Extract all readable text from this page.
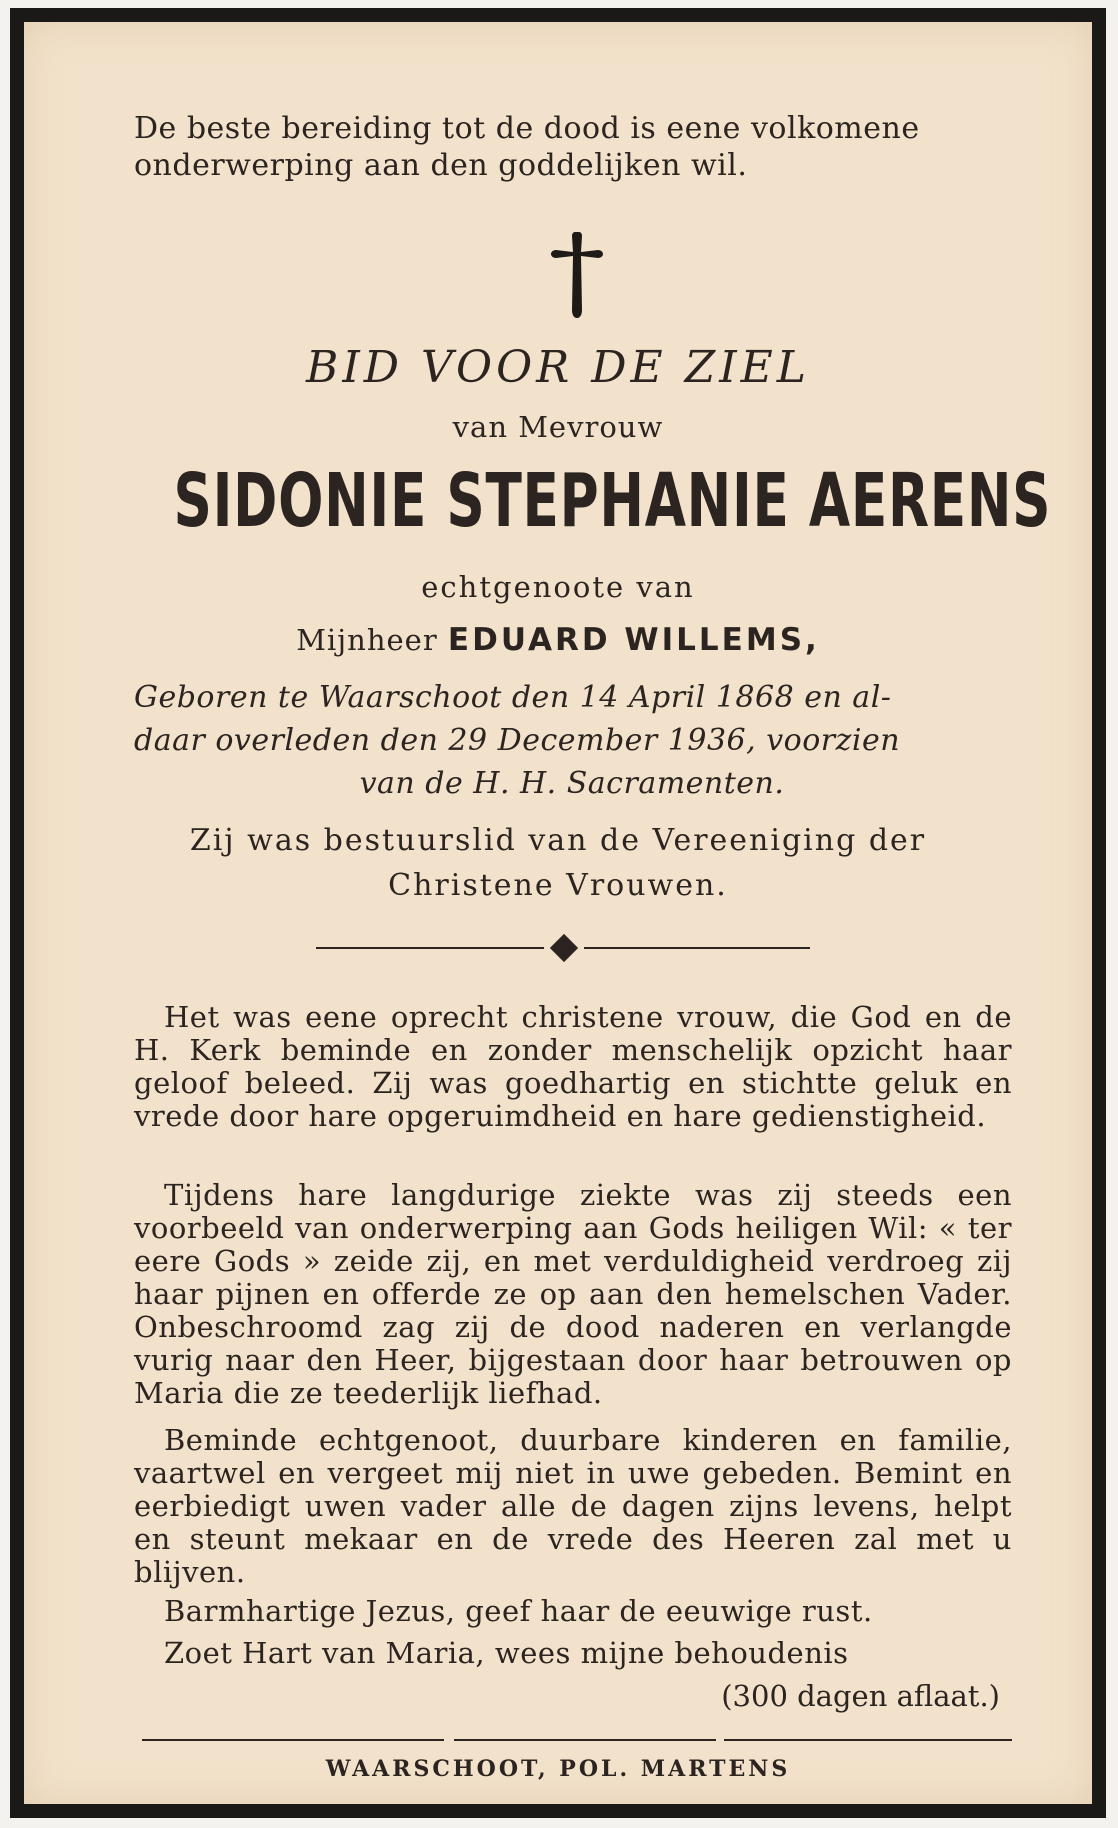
De beste bereiding tot de dood is eene volkomene
onderwerping aan den goddelijken wil.
BID VOOR DE ZIEL
van Mevrouw
SIDONIE STEPHANIE AERENS
echtgenoote van
Mijnheer EDUARD WILLEMS,
Geboren te Waarschoot den 14 April 1868 en al-
daar overleden den 29 December 1936, voorzien
van de H. H. Sacramenten.
Zij was bestuurslid van de Vereeniging der
Christene Vrouwen.

Het was eene oprecht christene vrouw, die God en de H. Kerk beminde en zonder menschelijk opzicht haar geloof beleed. Zij was goedhartig en stichtte geluk en vrede door hare opgeruimdheid en hare gedienstigheid.

Tijdens hare langdurige ziekte was zij steeds een voorbeeld van onderwerping aan Gods heiligen Wil: « ter eere Gods » zeide zij, en met verduldigheid verdroeg zij haar pijnen en offerde ze op aan den hemelschen Vader. Onbeschroomd zag zij de dood naderen en verlangde vurig naar den Heer, bijgestaan door haar betrouwen op Maria die ze teederlijk liefhad.

Beminde echtgenoot, duurbare kinderen en familie, vaartwel en vergeet mij niet in uwe gebeden. Bemint en eerbiedigt uwen vader alle de dagen zijns levens, helpt en steunt mekaar en de vrede des Heeren zal met u blijven.

Barmhartige Jezus, geef haar de eeuwige rust.

Zoet Hart van Maria, wees mijne behoudenis

(300 dagen aflaat.)
WAARSCHOOT, POL. MARTENS
